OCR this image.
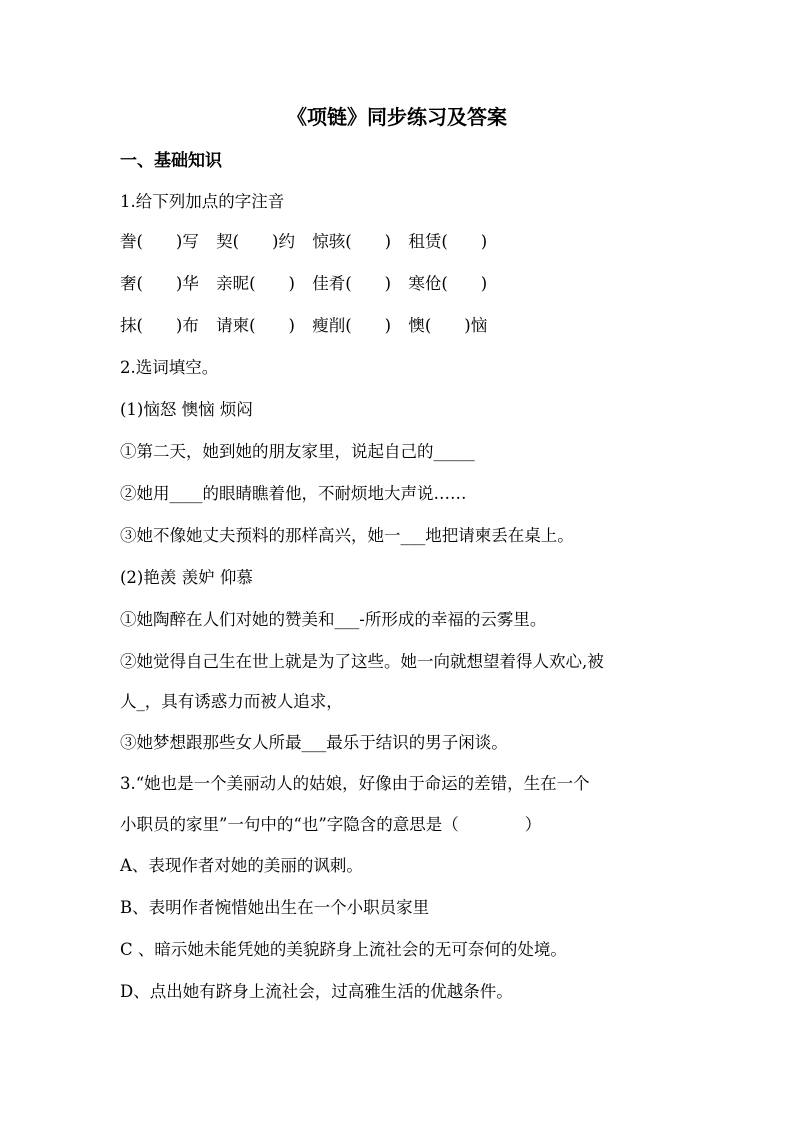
《项链》同步练习及答案
一、基础知识
1.给下列加点的字注音
誊(　　)写 契(　　)约 惊骇(　　) 租赁(　　)
奢(　　)华 亲昵(　　) 佳肴(　　) 寒伧(　　)
抹(　　)布 请柬(　　) 瘦削(　　) 懊(　　)恼
2.选词填空。
(1)恼怒 懊恼 烦闷
①第二天，她到她的朋友家里，说起自己的_____
②她用____的眼睛瞧着他，不耐烦地大声说……
③她不像她丈夫预料的那样高兴，她一___地把请柬丢在桌上。
(2)艳羡 羡妒 仰慕
①她陶醉在人们对她的赞美和___-所形成的幸福的云雾里。
②她觉得自己生在世上就是为了这些。她一向就想望着得人欢心,被
人_，具有诱惑力而被人追求，
③她梦想跟那些女人所最___最乐于结识的男子闲谈。
3.“她也是一个美丽动人的姑娘，好像由于命运的差错，生在一个
小职员的家里”一句中的“也”字隐含的意思是（　　　　）
A、表现作者对她的美丽的讽刺。
B、表明作者惋惜她出生在一个小职员家里
C 、暗示她未能凭她的美貌跻身上流社会的无可奈何的处境。
D、点出她有跻身上流社会，过高雅生活的优越条件。
